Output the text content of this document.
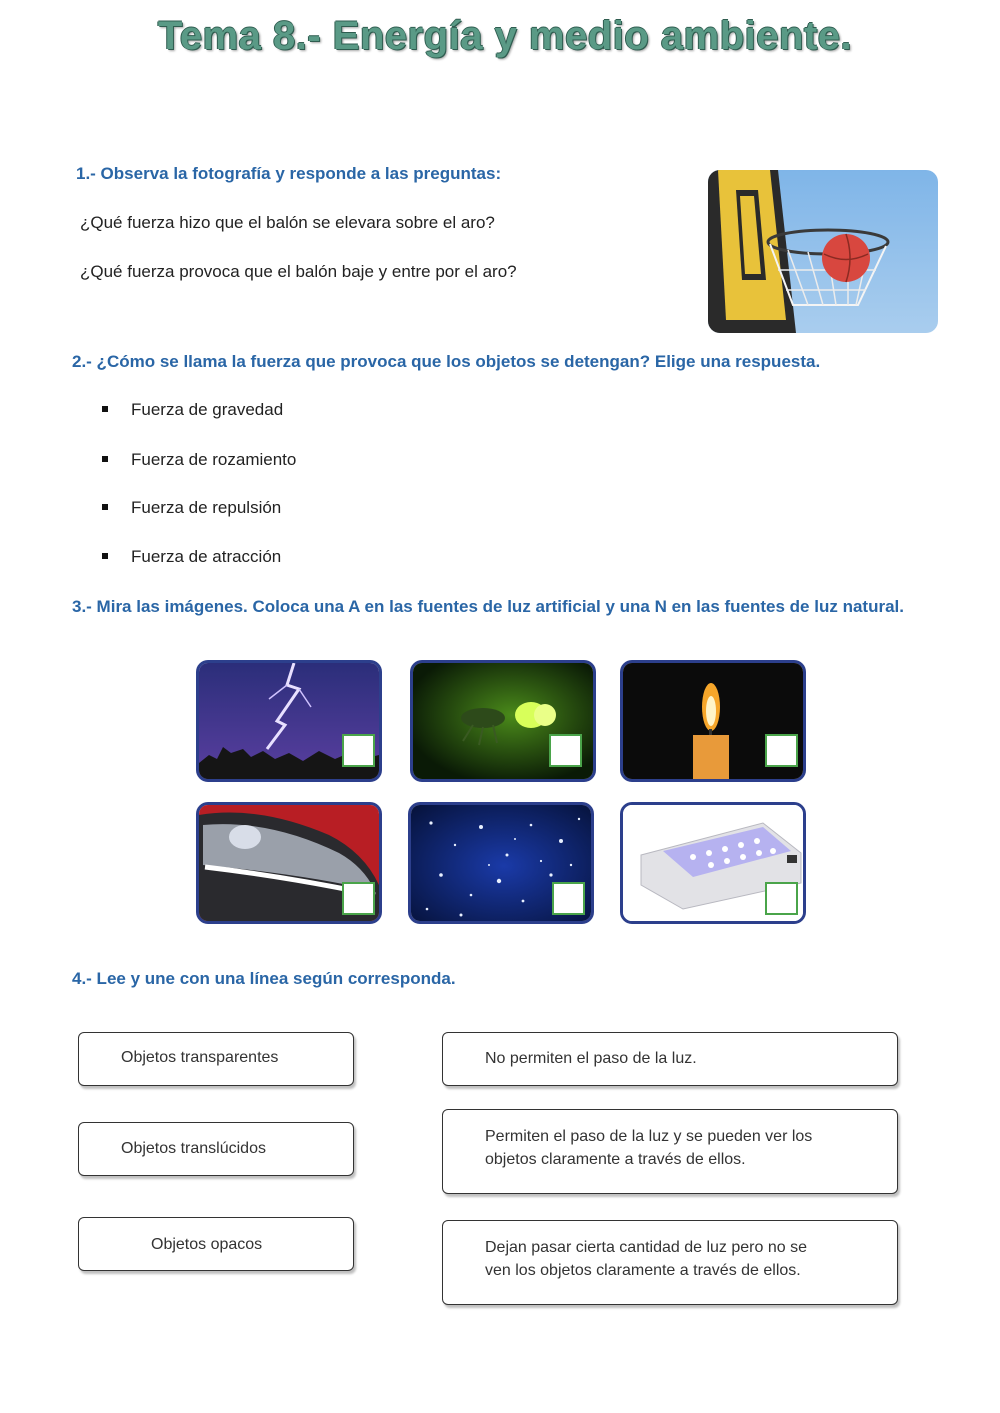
Tema 8.- Energía y medio ambiente.
1.- Observa la fotografía y responde a las preguntas:
¿Qué fuerza hizo que el balón se elevara sobre el aro?
¿Qué fuerza provoca que el balón baje y entre por el aro?
2.- ¿Cómo se llama la fuerza que provoca que los objetos se detengan? Elige una respuesta.
Fuerza de gravedad
Fuerza de rozamiento
Fuerza de repulsión
Fuerza de atracción
3.- Mira las imágenes. Coloca una A en las fuentes de luz artificial y una N en las fuentes de luz natural.
4.- Lee y une con una línea según corresponda.
Objetos transparentes
Objetos translúcidos
Objetos opacos
No permiten el paso de la luz.
Permiten el paso de la luz y se pueden ver los
objetos claramente a través de ellos.
Dejan pasar cierta cantidad de luz pero no se
ven los objetos claramente a través de ellos.
